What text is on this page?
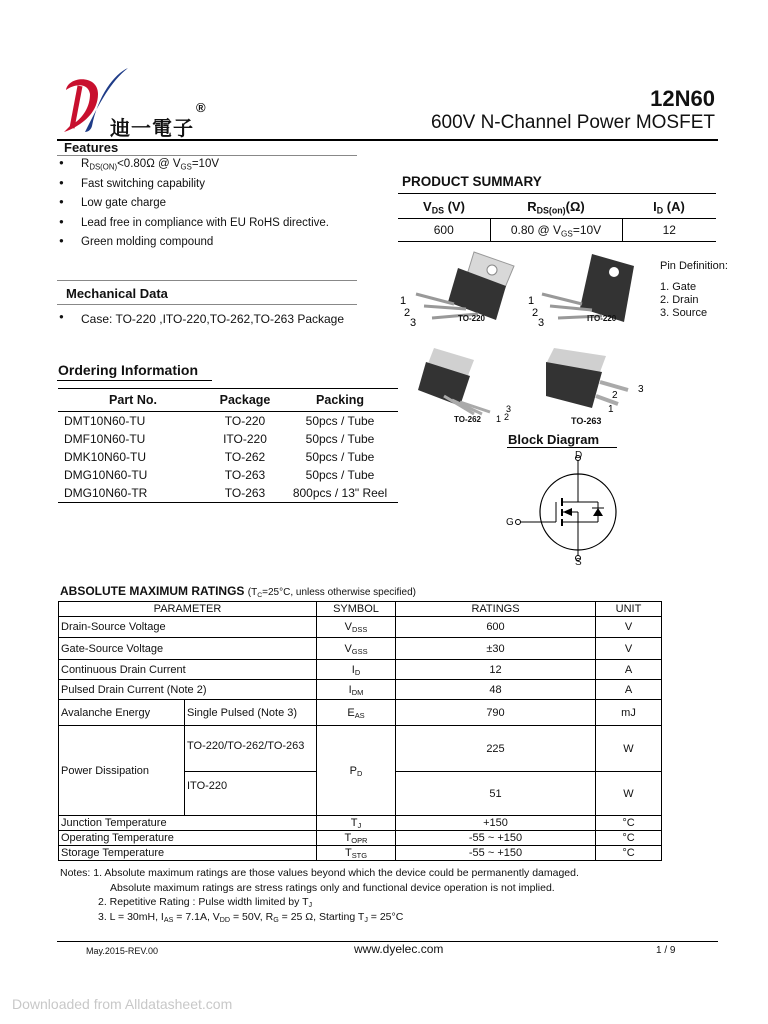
迪一電子
®	12N60
600V N-Channel Power MOSFET
Features
● $R_{DS(ON)}<0.80\Omega$ @ $V_{GS}=10V$
● Fast switching capability
● Low gate charge
● Lead free in compliance with EU RoHS directive.
● Green molding compound
Mechanical Data
● Case: TO-220 ,ITO-220,TO-262,TO-263 Package
PRODUCT SUMMARY
$V_{DS}$ (V)	$R_{DS(on)}(\Omega)$	$I_D$ (A)
600	0.80 @ $V_{GS}=10V$	12
1
2
3
1
2
3
3
2
1
3
2
1
TO-220	ITO-220
TO-262	TO-263
Pin Definition:
1. Gate
2. Drain
3. Source
Ordering Information
Part No.	Package	Packing
DMT10N60-TU	TO-220	50pcs / Tube
DMF10N60-TU	ITO-220	50pcs / Tube
DMK10N60-TU	TO-262	50pcs / Tube
DMG10N60-TU	TO-263	50pcs / Tube
DMG10N60-TR	TO-263	800pcs / 13" Reel
Block Diagram
D
G
S
ABSOLUTE MAXIMUM RATINGS ($T_C=25^\circ C$, unless otherwise specified)
PARAMETER		SYMBOL	RATINGS	UNIT
Drain-Source Voltage		$V_{DSS}$	600	V
Gate-Source Voltage		$V_{GSS}$	±30	V
Continuous Drain Current		$I_D$	12	A
Pulsed Drain Current (Note 2)		$I_{DM}$	48	A
Avalanche Energy	Single Pulsed (Note 3)	$E_{AS}$	790	mJ
Power Dissipation	TO-220/TO-262/TO-263	$P_D$	225	W
	ITO-220		51	W
Junction Temperature		$T_J$	+150	°C
Operating Temperature		$T_{OPR}$	-55 ~ +150	°C
Storage Temperature		$T_{STG}$	-55 ~ +150	°C
Notes: 1. Absolute maximum ratings are those values beyond which the device could be permanently damaged.
Absolute maximum ratings are stress ratings only and functional device operation is not implied.
2. Repetitive Rating : Pulse width limited by $T_J$
3. L = 30mH, $I_{AS} = 7.1A$, $V_{DD} = 50V$, $R_G = 25$ Ω, Starting $T_J = 25^\circ C$
May.2015-REV.00	www.dyelec.com	1 / 9
Downloaded from Alldatasheet.com
